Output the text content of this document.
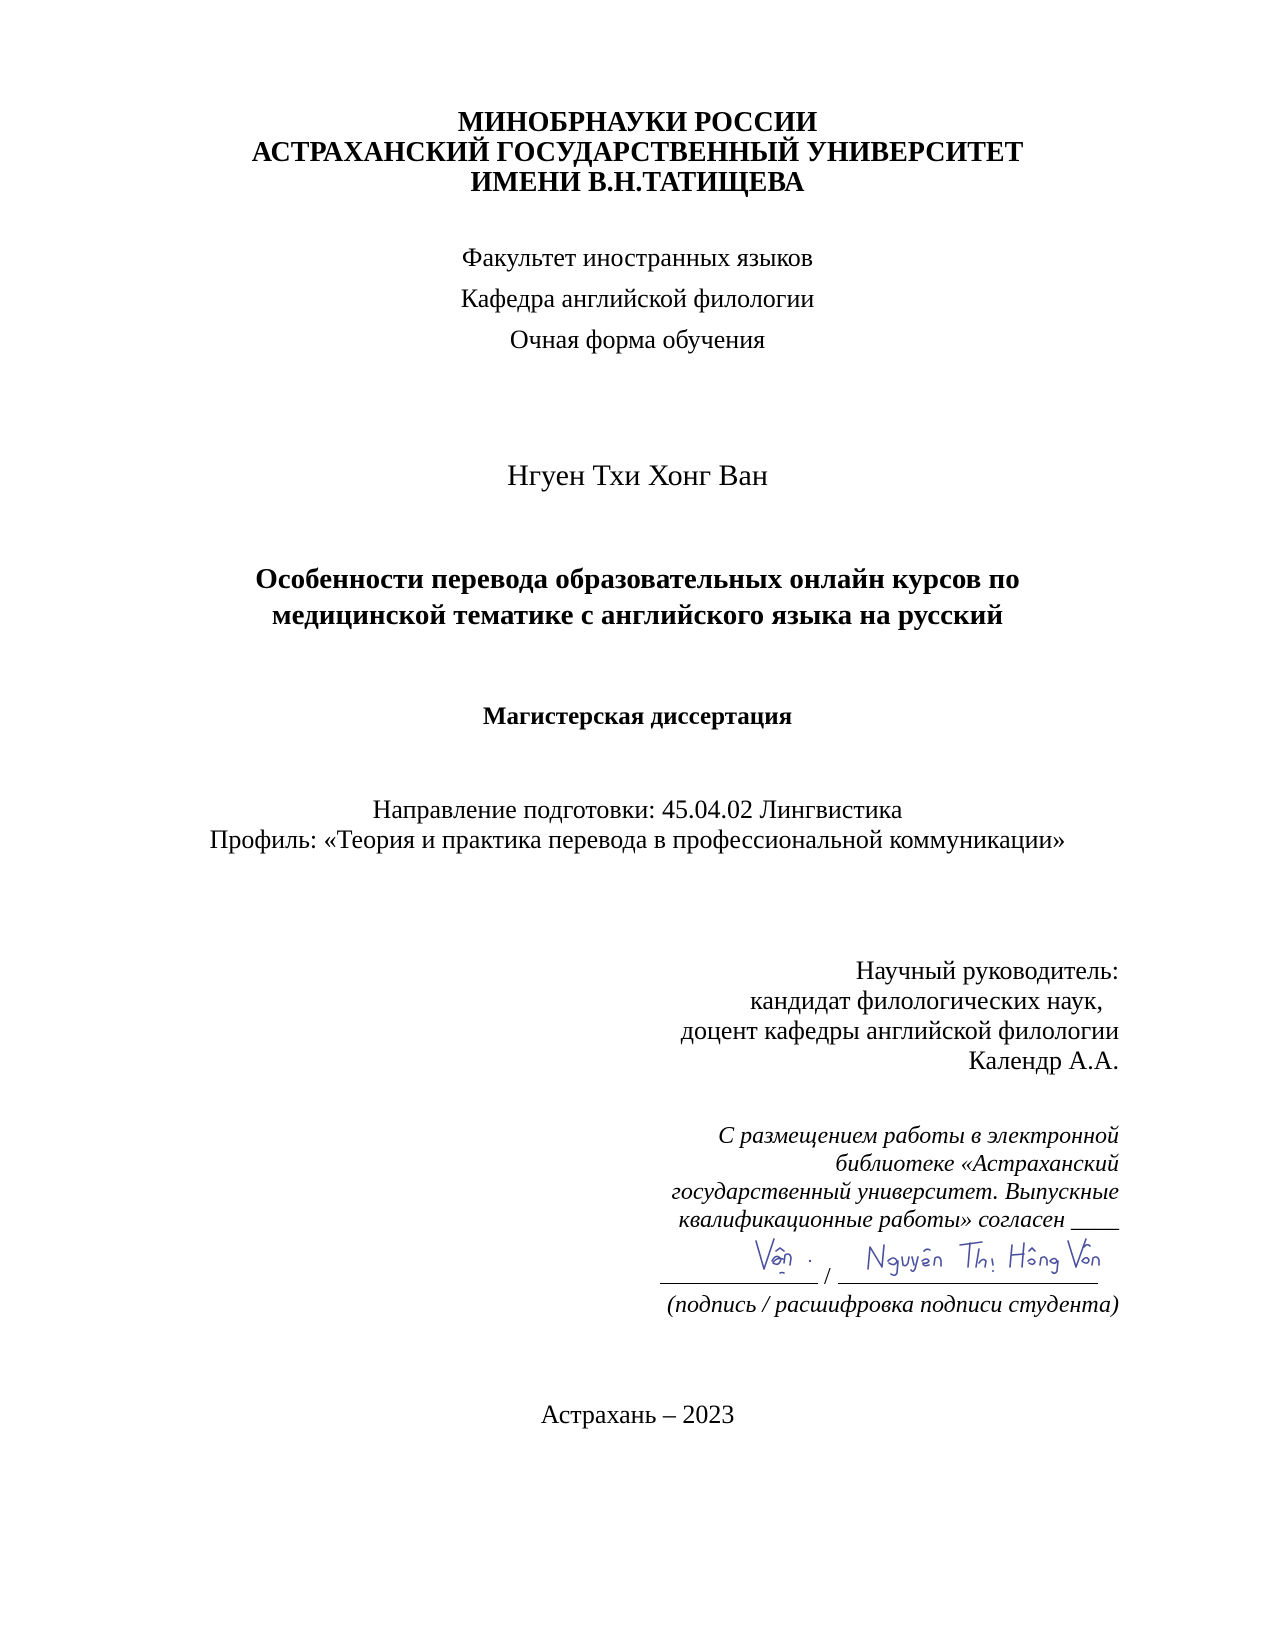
МИНОБРНАУКИ РОССИИ
АСТРАХАНСКИЙ ГОСУДАРСТВЕННЫЙ УНИВЕРСИТЕТ
ИМЕНИ В.Н.ТАТИЩЕВА
Факультет иностранных языков
Кафедра английской филологии
Очная форма обучения
Нгуен Тхи Хонг Ван
Особенности перевода образовательных онлайн курсов по
медицинской тематике с английского языка на русский
Магистерская диссертация
Направление подготовки: 45.04.02 Лингвистика
Профиль: «Теория и практика перевода в профессиональной коммуникации»
Научный руководитель:
кандидат филологических наук,
доцент кафедры английской филологии
Календр А.А.
С размещением работы в электронной
библиотеке «Астраханский
государственный университет. Выпускные
квалификационные работы» согласен ____
/
(подпись / расшифровка подписи студента)
Астрахань – 2023
